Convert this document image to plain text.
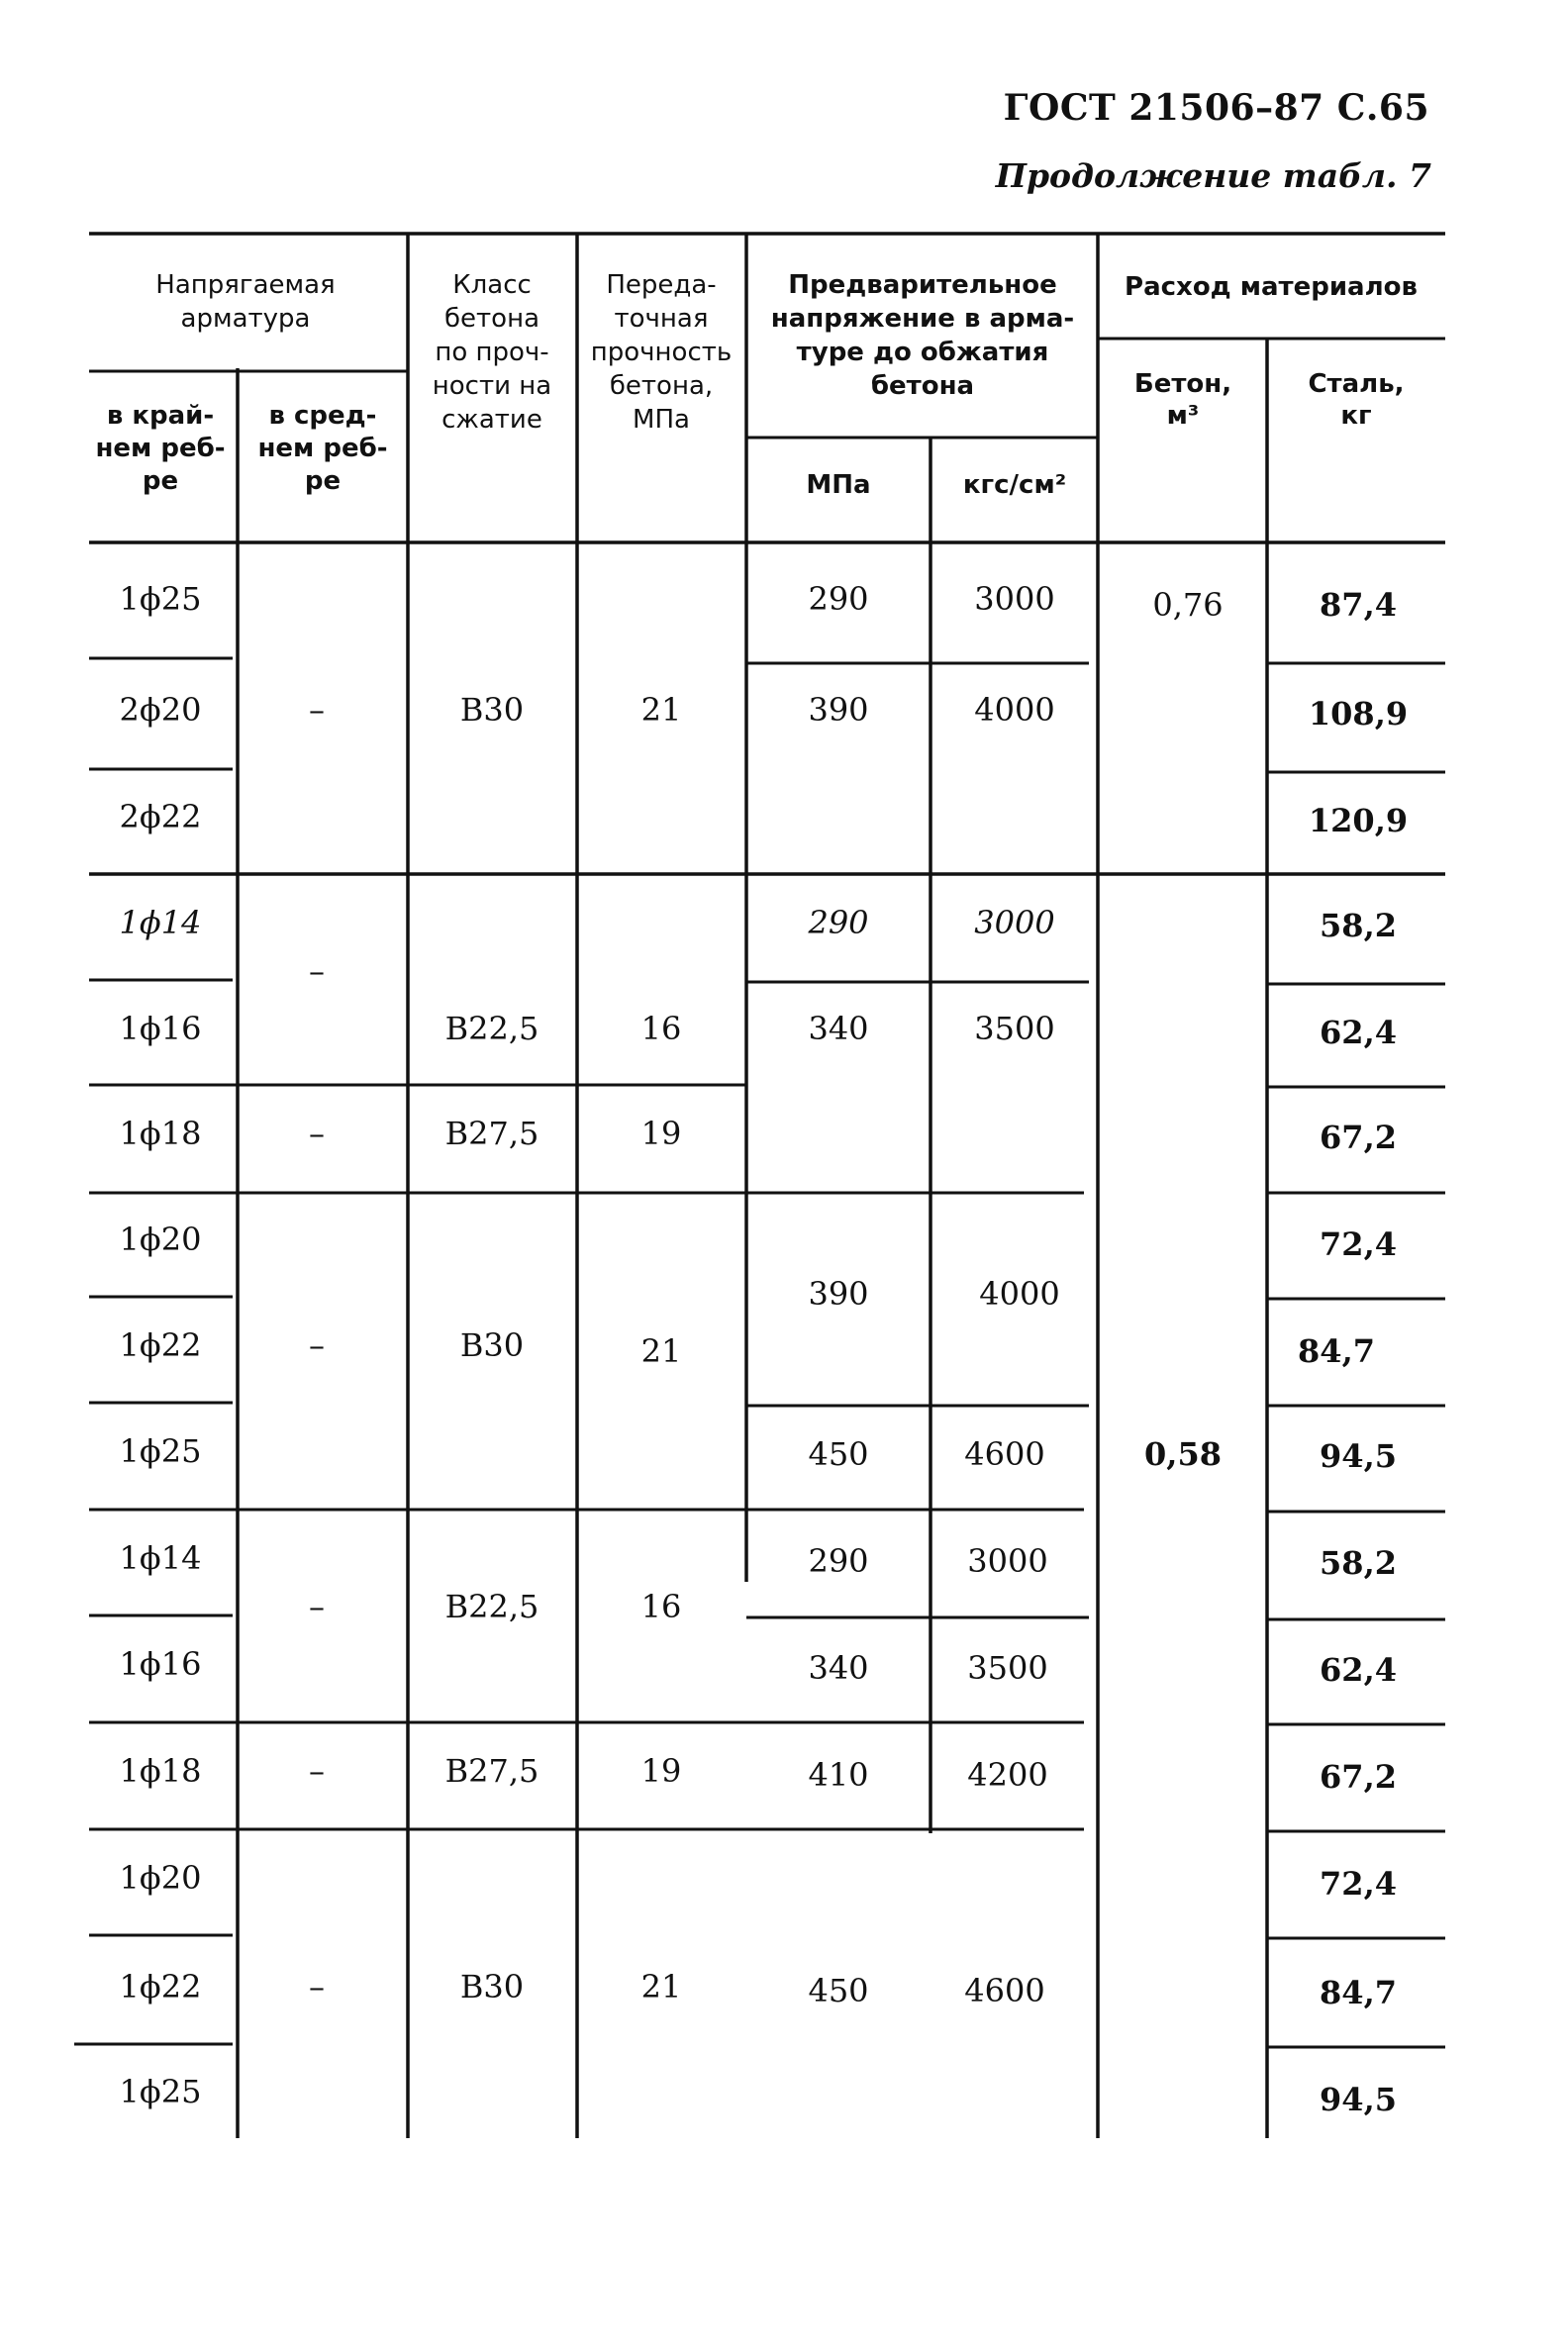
ГОСТ 21506–87 С.65
Продолжение табл. 7
Напрягаемая
арматура
в край-
нем реб-
ре
в сред-
нем реб-
ре
Класс
бетона
по проч-
ности на
сжатие
Переда-
точная
прочность
бетона,
МПа
Предварительное
напряжение в арма-
туре до обжатия
бетона
МПа	кгс/см²
Расход материалов
Бетон,
м³
Сталь,
кг
1ϕ25
2ϕ20
2ϕ22
1ϕ14
1ϕ16
1ϕ18
1ϕ20
1ϕ22
1ϕ25
1ϕ14
1ϕ16
1ϕ18
1ϕ20
1ϕ22
1ϕ25
–
–
–
–
–
–
–
B30
B22,5
B27,5
B30
B22,5
B27,5
B30
21
16
19
21
16
19
21
290
390
290
340
390
450
290
340
410
450
3000
4000
3000
3500
4000
4600
3000
3500
4200
4600
0,76
0,58
87,4
108,9
120,9
58,2
62,4
67,2
72,4
84,7
94,5
58,2
62,4
67,2
72,4
84,7
94,5
